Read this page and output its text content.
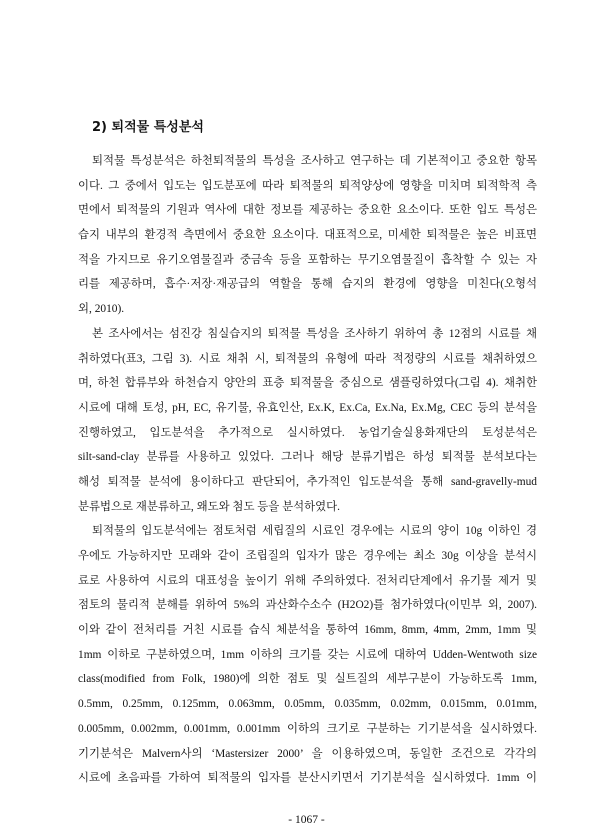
2) 퇴적물 특성분석
퇴적물 특성분석은 하천퇴적물의 특성을 조사하고 연구하는 데 기본적이고 중요한 항목
이다. 그 중에서 입도는 입도분포에 따라 퇴적물의 퇴적양상에 영향을 미치며 퇴적학적 측
면에서 퇴적물의 기원과 역사에 대한 정보를 제공하는 중요한 요소이다. 또한 입도 특성은
습지 내부의 환경적 측면에서 중요한 요소이다. 대표적으로, 미세한 퇴적물은 높은 비표면
적을 가지므로 유기오염물질과 중금속 등을 포함하는 무기오염물질이 흡착할 수 있는 자
리를 제공하며, 흡수·저장·재공급의 역할을 통해 습지의 환경에 영향을 미친다(오형석
외, 2010).
본 조사에서는 섬진강 침실습지의 퇴적물 특성을 조사하기 위하여 총 12점의 시료를 채
취하였다(표3, 그림 3). 시료 채취 시, 퇴적물의 유형에 따라 적정량의 시료를 채취하였으
며, 하천 합류부와 하천습지 양안의 표층 퇴적물을 중심으로 샘플링하였다(그림 4). 채취한
시료에 대해 토성, pH, EC, 유기물, 유효인산, Ex.K, Ex.Ca, Ex.Na, Ex.Mg, CEC 등의 분석을
진행하였고, 입도분석을 추가적으로 실시하였다. 농업기술실용화재단의 토성분석은
silt-sand-clay 분류를 사용하고 있었다. 그러나 해당 분류기법은 하성 퇴적물 분석보다는
해성 퇴적물 분석에 용이하다고 판단되어, 추가적인 입도분석을 통해 sand-gravelly-mud
분류법으로 재분류하고, 왜도와 첨도 등을 분석하였다.
퇴적물의 입도분석에는 점토처럼 세립질의 시료인 경우에는 시료의 양이 10g 이하인 경
우에도 가능하지만 모래와 같이 조립질의 입자가 많은 경우에는 최소 30g 이상을 분석시
료로 사용하여 시료의 대표성을 높이기 위해 주의하였다. 전처리단계에서 유기물 제거 및
점토의 물리적 분해를 위하여 5%의 과산화수소수 (H2O2)를 첨가하였다(이민부 외, 2007).
이와 같이 전처리를 거친 시료를 습식 체분석을 통하여 16mm, 8mm, 4mm, 2mm, 1mm 및
1mm 이하로 구분하였으며, 1mm 이하의 크기를 갖는 시료에 대하여 Udden-Wentwoth size
class(modified from Folk, 1980)에 의한 점토 및 실트질의 세부구분이 가능하도록 1mm,
0.5mm, 0.25mm, 0.125mm, 0.063mm, 0.05mm, 0.035mm, 0.02mm, 0.015mm, 0.01mm,
0.005mm, 0.002mm, 0.001mm, 0.001mm 이하의 크기로 구분하는 기기분석을 실시하였다.
기기분석은 Malvern사의 ‘Mastersizer 2000’ 을 이용하였으며, 동일한 조건으로 각각의
시료에 초음파를 가하여 퇴적물의 입자를 분산시키면서 기기분석을 실시하였다. 1mm 이
- 1067 -
